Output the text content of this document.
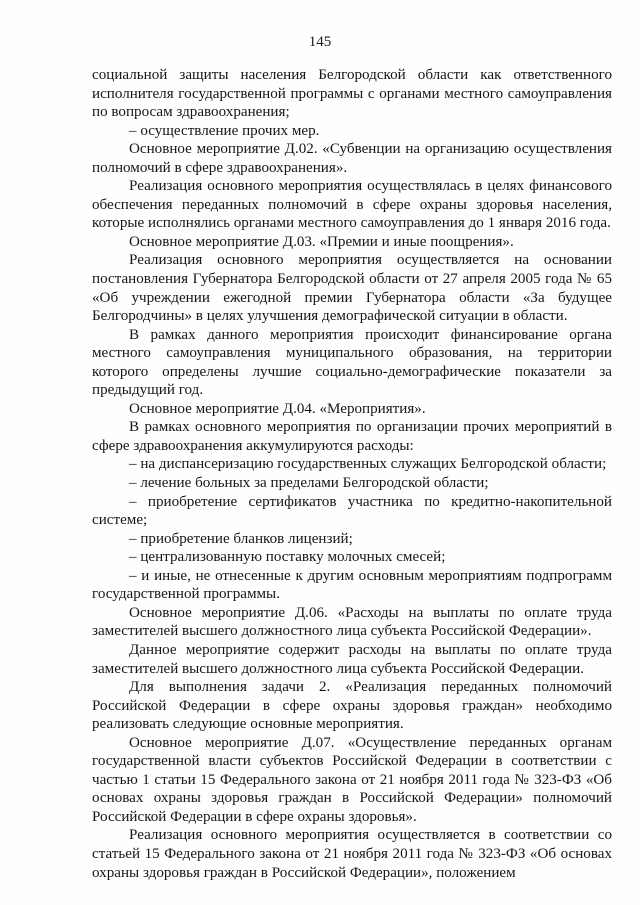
145

социальной защиты населения Белгородской области как ответственного исполнителя государственной программы с органами местного самоуправления по вопросам здравоохранения;

– осуществление прочих мер.

Основное мероприятие Д.02. «Субвенции на организацию осуществления полномочий в сфере здравоохранения».

Реализация основного мероприятия осуществлялась в целях финансового обеспечения переданных полномочий в сфере охраны здоровья населения, которые исполнялись органами местного самоуправления до 1 января 2016 года.

Основное мероприятие Д.03. «Премии и иные поощрения».

Реализация основного мероприятия осуществляется на основании постановления Губернатора Белгородской области от 27 апреля 2005 года № 65 «Об учреждении ежегодной премии Губернатора области «За будущее Белгородчины» в целях улучшения демографической ситуации в области.

В рамках данного мероприятия происходит финансирование органа местного самоуправления муниципального образования, на территории которого определены лучшие социально-демографические показатели за предыдущий год.

Основное мероприятие Д.04. «Мероприятия».

В рамках основного мероприятия по организации прочих мероприятий в сфере здравоохранения аккумулируются расходы:

– на диспансеризацию государственных служащих Белгородской области;

– лечение больных за пределами Белгородской области;

– приобретение сертификатов участника по кредитно-накопительной системе;

– приобретение бланков лицензий;

– централизованную поставку молочных смесей;

– и иные, не отнесенные к другим основным мероприятиям подпрограмм государственной программы.

Основное мероприятие Д.06. «Расходы на выплаты по оплате труда заместителей высшего должностного лица субъекта Российской Федерации».

Данное мероприятие содержит расходы на выплаты по оплате труда заместителей высшего должностного лица субъекта Российской Федерации.

Для выполнения задачи 2. «Реализация переданных полномочий Российской Федерации в сфере охраны здоровья граждан» необходимо реализовать следующие основные мероприятия.

Основное мероприятие Д.07. «Осуществление переданных органам государственной власти субъектов Российской Федерации в соответствии с частью 1 статьи 15 Федерального закона от 21 ноября 2011 года № 323-ФЗ «Об основах охраны здоровья граждан в Российской Федерации» полномочий Российской Федерации в сфере охраны здоровья».

Реализация основного мероприятия осуществляется в соответствии со статьей 15 Федерального закона от 21 ноября 2011 года № 323-ФЗ «Об основах охраны здоровья граждан в Российской Федерации», положением
